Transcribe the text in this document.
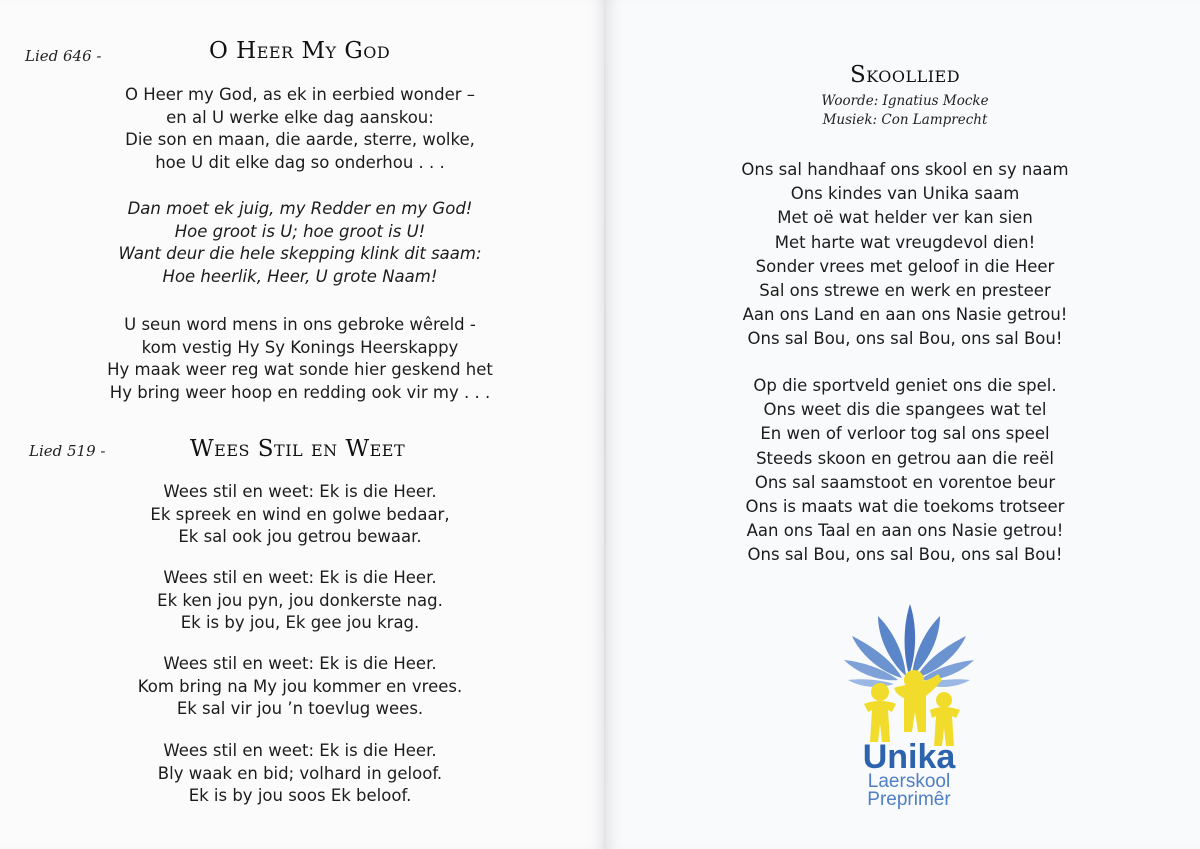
Lied 646 -	O Heer My God
O Heer my God, as ek in eerbied wonder –
en al U werke elke dag aanskou:
Die son en maan, die aarde, sterre, wolke,
hoe U dit elke dag so onderhou . . .
Dan moet ek juig, my Redder en my God!
Hoe groot is U; hoe groot is U!
Want deur die hele skepping klink dit saam:
Hoe heerlik, Heer, U grote Naam!
U seun word mens in ons gebroke wêreld -
kom vestig Hy Sy Konings Heerskappy
Hy maak weer reg wat sonde hier geskend het
Hy bring weer hoop en redding ook vir my . . .
Lied 519 -	Wees Stil en Weet
Wees stil en weet: Ek is die Heer.
Ek spreek en wind en golwe bedaar,
Ek sal ook jou getrou bewaar.
Wees stil en weet: Ek is die Heer.
Ek ken jou pyn, jou donkerste nag.
Ek is by jou, Ek gee jou krag.
Wees stil en weet: Ek is die Heer.
Kom bring na My jou kommer en vrees.
Ek sal vir jou ’n toevlug wees.
Wees stil en weet: Ek is die Heer.
Bly waak en bid; volhard in geloof.
Ek is by jou soos Ek beloof.
Skoollied
Woorde: Ignatius Mocke
Musiek: Con Lamprecht
Ons sal handhaaf ons skool en sy naam
Ons kindes van Unika saam
Met oë wat helder ver kan sien
Met harte wat vreugdevol dien!
Sonder vrees met geloof in die Heer
Sal ons strewe en werk en presteer
Aan ons Land en aan ons Nasie getrou!
Ons sal Bou, ons sal Bou, ons sal Bou!
Op die sportveld geniet ons die spel.
Ons weet dis die spangees wat tel
En wen of verloor tog sal ons speel
Steeds skoon en getrou aan die reël
Ons sal saamstoot en vorentoe beur
Ons is maats wat die toekoms trotseer
Aan ons Taal en aan ons Nasie getrou!
Ons sal Bou, ons sal Bou, ons sal Bou!
Unika
Laerskool
Preprimêr
